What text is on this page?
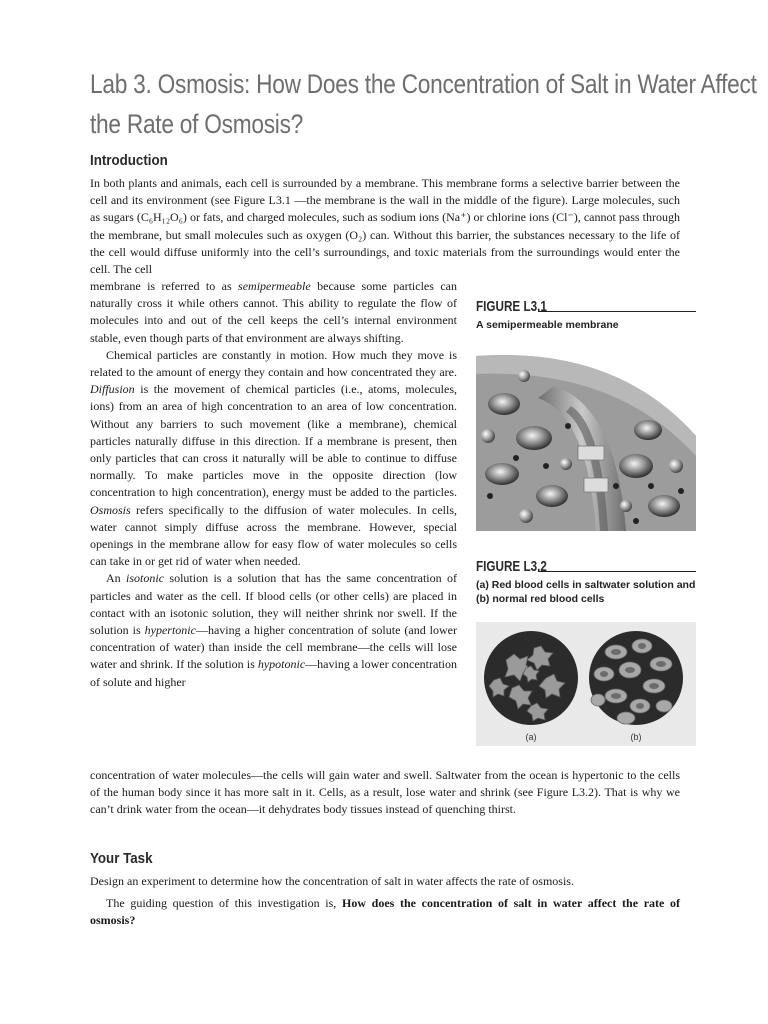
Lab 3. Osmosis: How Does the Concentration of Salt in Water Affect
the Rate of Osmosis?
Introduction

In both plants and animals, each cell is surrounded by a membrane. This membrane forms a selective barrier between the cell and its environment (see Figure L3.1 —the membrane is the wall in the middle of the figure). Large molecules, such as sugars (C₆H₁₂O₆) or fats, and charged molecules, such as sodium ions (Na⁺) or chlorine ions (Cl⁻), cannot pass through the membrane, but small molecules such as oxygen (O₂) can. Without this barrier, the substances necessary to the life of the cell would diffuse uniformly into the cell’s surroundings, and toxic materials from the surroundings would enter the cell. The cell

membrane is referred to as semipermeable because some particles can naturally cross it while others cannot. This ability to regulate the flow of molecules into and out of the cell keeps the cell’s internal environment stable, even though parts of that environment are always shifting.

Chemical particles are constantly in motion. How much they move is related to the amount of energy they contain and how concentrated they are. Diffusion is the movement of chemical particles (i.e., atoms, molecules, ions) from an area of high concentration to an area of low concentration. Without any barriers to such movement (like a membrane), chemical particles naturally diffuse in this direction. If a membrane is present, then only particles that can cross it naturally will be able to continue to diffuse normally. To make particles move in the opposite direction (low concentration to high concentration), energy must be added to the particles. Osmosis refers specifically to the diffusion of water molecules. In cells, water cannot simply diffuse across the membrane. However, special openings in the membrane allow for easy flow of water molecules so cells can take in or get rid of water when needed.

An isotonic solution is a solution that has the same concentration of particles and water as the cell. If blood cells (or other cells) are placed in contact with an isotonic solution, they will neither shrink nor swell. If the solution is hypertonic—having a higher concentration of solute (and lower concentration of water) than inside the cell membrane—the cells will lose water and shrink. If the solution is hypotonic—having a lower concentration of solute and higher

concentration of water molecules—the cells will gain water and swell. Saltwater from the ocean is hypertonic to the cells of the human body since it has more salt in it. Cells, as a result, lose water and shrink (see Figure L3.2). That is why we can’t drink water from the ocean—it dehydrates body tissues instead of quenching thirst.

FIGURE L3.1
A semipermeable membrane
FIGURE L3.2
(a) Red blood cells in saltwater solution and (b) normal red blood cells
(a)	(b)
Your Task

Design an experiment to determine how the concentration of salt in water affects the rate of osmosis.

The guiding question of this investigation is, How does the concentration of salt in water affect the rate of osmosis?
